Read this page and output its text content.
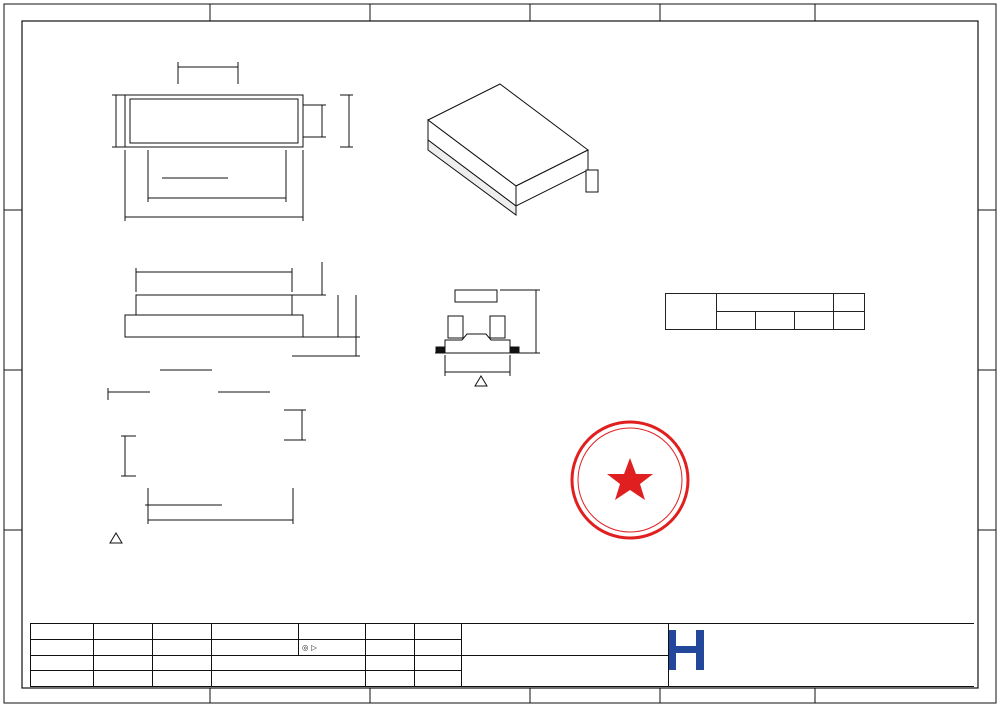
				◎ ▷				
